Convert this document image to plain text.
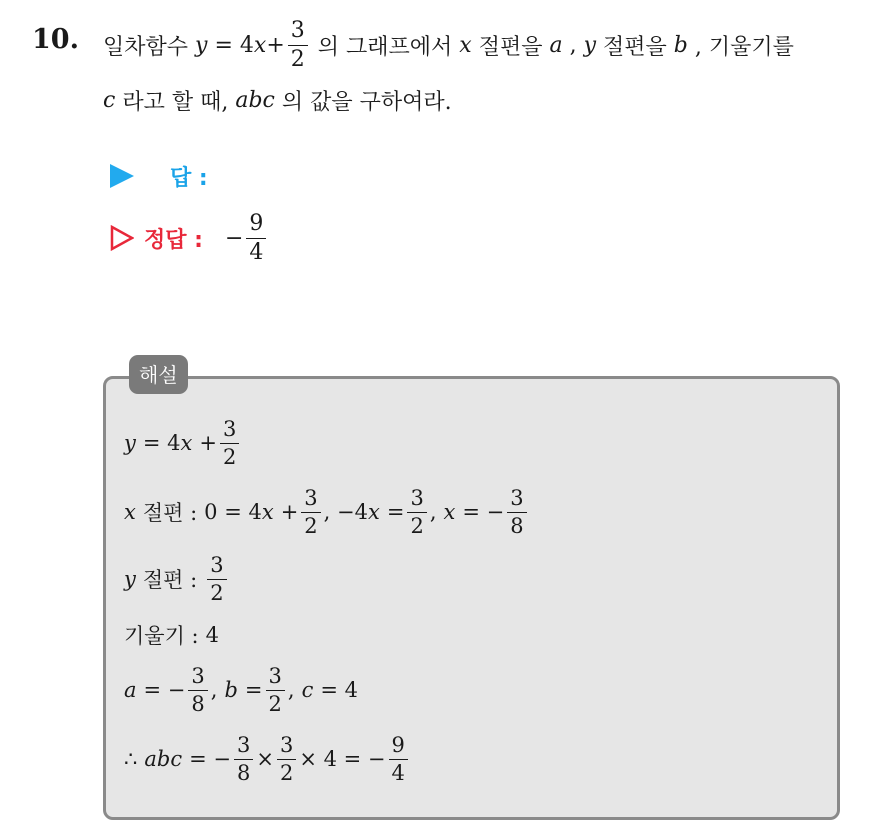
10. 일차함수 y = 4 $x + \frac{3}{2}$ 의 그래프에서 x 절편을 a , y 절편을 b , 기울기를
c 라고 할 때, abc 의 값을 구하여라.
답 :
정답 : − $\frac{9}{4}$
해설
y = 4 $x + \frac{3}{2}$
x 절편 : 0 = 4 $x + \frac{3}{2}$ , −4 $x = \frac{3}{2}$ , x = − $\frac{3}{8}$
y 절편 : $\frac{3}{2}$
기울기 : 4
a = − $\frac{3}{8}$ , $b = \frac{3}{2}$ , c = 4
∴ abc = − $\frac{3}{8} \times \frac{3}{2} \times 4$ = − $\frac{9}{4}$
